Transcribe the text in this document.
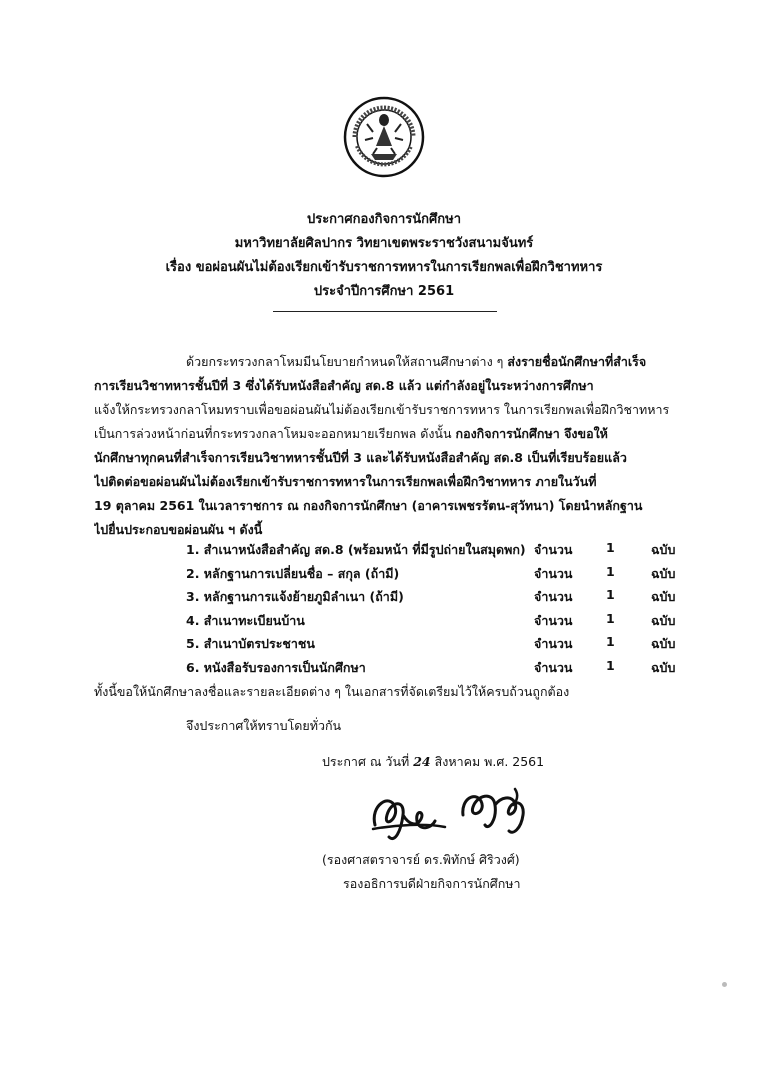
ประกาศกองกิจการนักศึกษา
มหาวิทยาลัยศิลปากร วิทยาเขตพระราชวังสนามจันทร์
เรื่อง ขอผ่อนผันไม่ต้องเรียกเข้ารับราชการทหารในการเรียกพลเพื่อฝึกวิชาทหาร
ประจำปีการศึกษา 2561
ด้วยกระทรวงกลาโหมมีนโยบายกำหนดให้สถานศึกษาต่าง ๆ ส่งรายชื่อนักศึกษาที่สำเร็จ
การเรียนวิชาทหารชั้นปีที่ 3 ซึ่งได้รับหนังสือสำคัญ สด.8 แล้ว แต่กำลังอยู่ในระหว่างการศึกษา
แจ้งให้กระทรวงกลาโหมทราบเพื่อขอผ่อนผันไม่ต้องเรียกเข้ารับราชการทหาร ในการเรียกพลเพื่อฝึกวิชาทหาร
เป็นการล่วงหน้าก่อนที่กระทรวงกลาโหมจะออกหมายเรียกพล ดังนั้น กองกิจการนักศึกษา จึงขอให้
นักศึกษาทุกคนที่สำเร็จการเรียนวิชาทหารชั้นปีที่ 3 และได้รับหนังสือสำคัญ สด.8 เป็นที่เรียบร้อยแล้ว
ไปติดต่อขอผ่อนผันไม่ต้องเรียกเข้ารับราชการทหารในการเรียกพลเพื่อฝึกวิชาทหาร ภายในวันที่
19 ตุลาคม 2561 ในเวลาราชการ ณ กองกิจการนักศึกษา (อาคารเพชรรัตน-สุวัทนา) โดยนำหลักฐาน
ไปยื่นประกอบขอผ่อนผัน ฯ ดังนี้
1. สำเนาหนังสือสำคัญ สด.8 (พร้อมหน้า ที่มีรูปถ่ายในสมุดพก) จำนวน	1	ฉบับ
2. หลักฐานการเปลี่ยนชื่อ – สกุล (ถ้ามี)	จำนวน	1	ฉบับ
3. หลักฐานการแจ้งย้ายภูมิลำเนา (ถ้ามี)	จำนวน	1	ฉบับ
4. สำเนาทะเบียนบ้าน	จำนวน	1	ฉบับ
5. สำเนาบัตรประชาชน	จำนวน	1	ฉบับ
6. หนังสือรับรองการเป็นนักศึกษา	จำนวน	1	ฉบับ
ทั้งนี้ขอให้นักศึกษาลงชื่อและรายละเอียดต่าง ๆ ในเอกสารที่จัดเตรียมไว้ให้ครบถ้วนถูกต้อง
จึงประกาศให้ทราบโดยทั่วกัน
ประกาศ ณ วันที่ 24 สิงหาคม พ.ศ. 2561
(รองศาสตราจารย์ ดร.พิทักษ์ ศิริวงศ์)
รองอธิการบดีฝ่ายกิจการนักศึกษา
